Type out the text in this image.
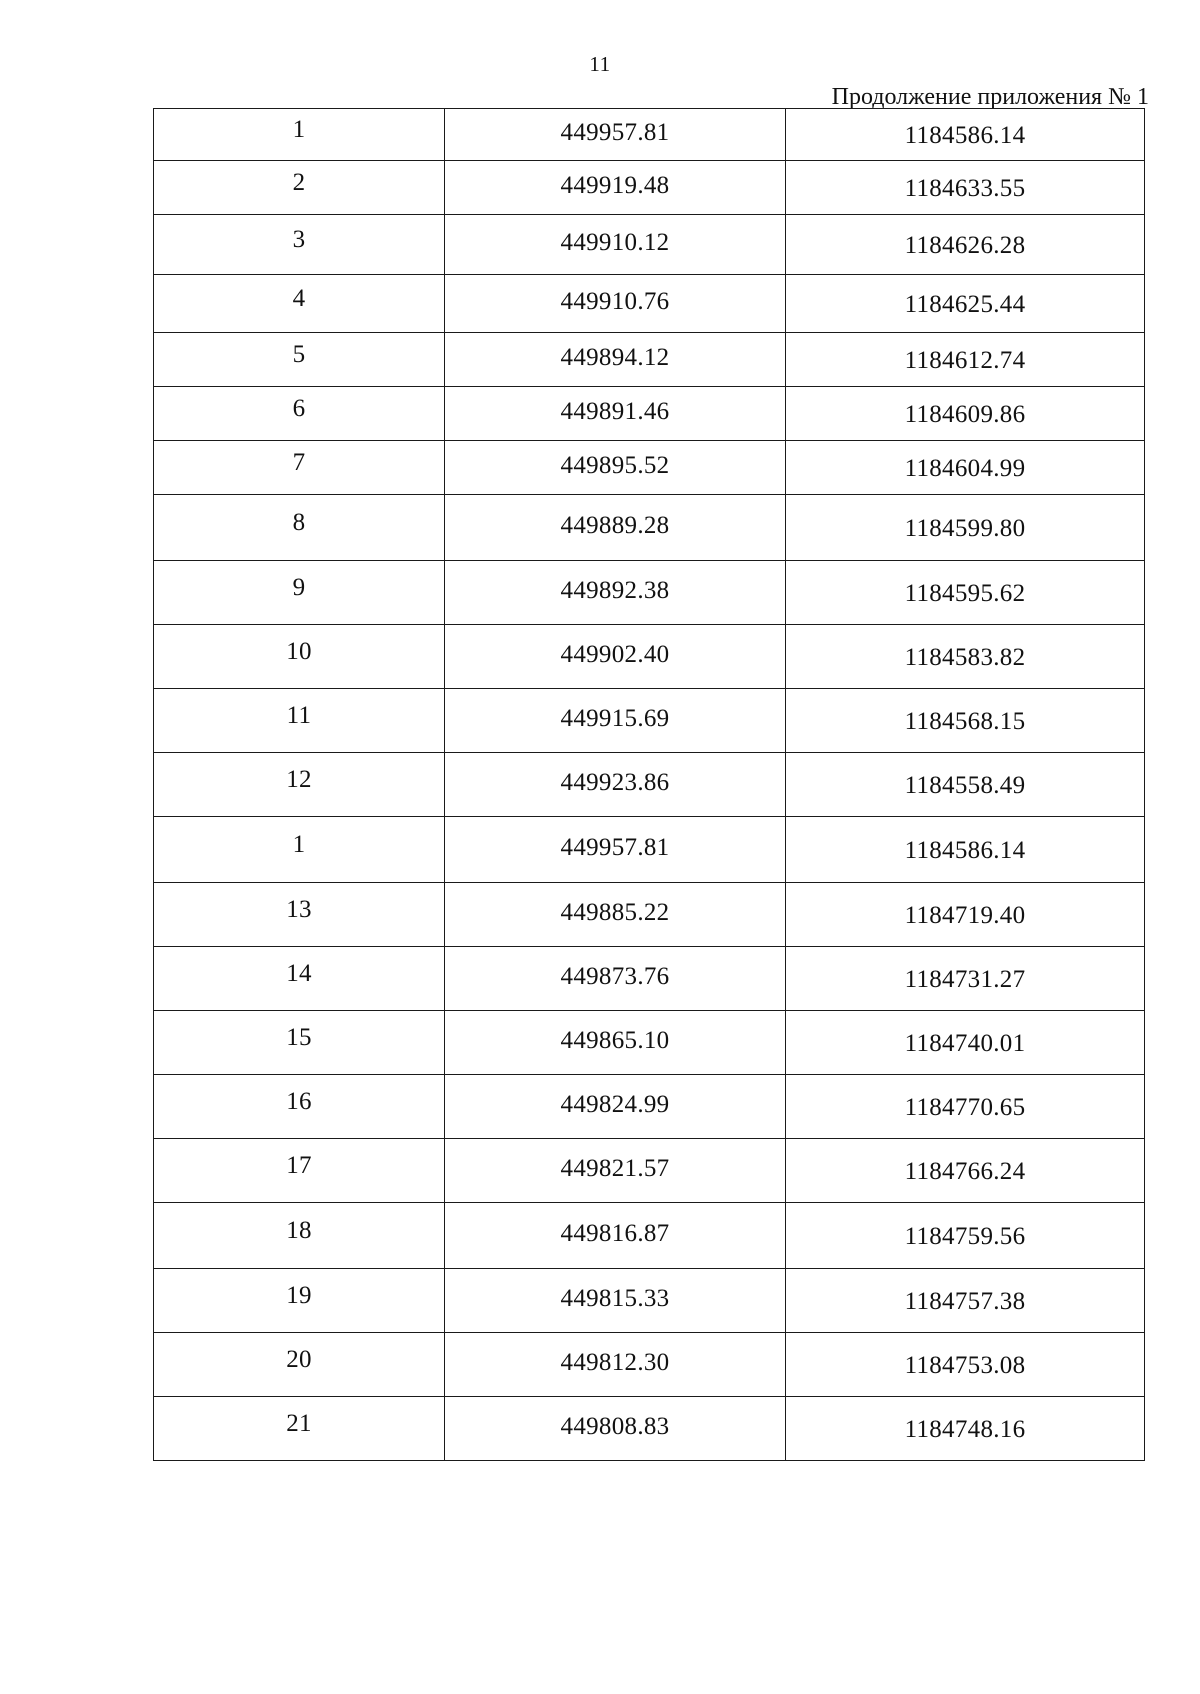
11
Продолжение приложения № 1
1	449957.81	1184586.14
2	449919.48	1184633.55
3	449910.12	1184626.28
4	449910.76	1184625.44
5	449894.12	1184612.74
6	449891.46	1184609.86
7	449895.52	1184604.99
8	449889.28	1184599.80
9	449892.38	1184595.62
10	449902.40	1184583.82
11	449915.69	1184568.15
12	449923.86	1184558.49
1	449957.81	1184586.14
13	449885.22	1184719.40
14	449873.76	1184731.27
15	449865.10	1184740.01
16	449824.99	1184770.65
17	449821.57	1184766.24
18	449816.87	1184759.56
19	449815.33	1184757.38
20	449812.30	1184753.08
21	449808.83	1184748.16
